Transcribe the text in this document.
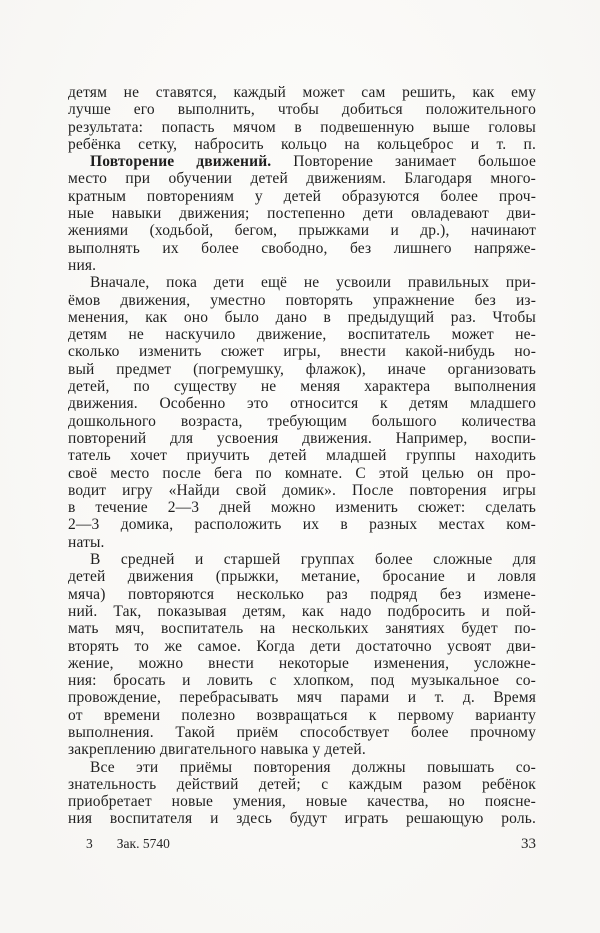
детям не ставятся, каждый может сам решить, как ему
лучше его выполнить, чтобы добиться положительного
результата: попасть мячом в подвешенную выше головы
ребёнка сетку, набросить кольцо на кольцеброс и т. п.
Повторение движений. Повторение занимает большое
место при обучении детей движениям. Благодаря много-
кратным повторениям у детей образуются более проч-
ные навыки движения; постепенно дети овладевают дви-
жениями (ходьбой, бегом, прыжками и др.), начинают
выполнять их более свободно, без лишнего напряже-
ния.
Вначале, пока дети ещё не усвоили правильных при-
ёмов движения, уместно повторять упражнение без из-
менения, как оно было дано в предыдущий раз. Чтобы
детям не наскучило движение, воспитатель может не-
сколько изменить сюжет игры, внести какой-нибудь но-
вый предмет (погремушку, флажок), иначе организовать
детей, по существу не меняя характера выполнения
движения. Особенно это относится к детям младшего
дошкольного возраста, требующим большого количества
повторений для усвоения движения. Например, воспи-
татель хочет приучить детей младшей группы находить
своё место после бега по комнате. С этой целью он про-
водит игру «Найди свой домик». После повторения игры
в течение 2—3 дней можно изменить сюжет: сделать
2—3 домика, расположить их в разных местах ком-
наты.
В средней и старшей группах более сложные для
детей движения (прыжки, метание, бросание и ловля
мяча) повторяются несколько раз подряд без измене-
ний. Так, показывая детям, как надо подбросить и пой-
мать мяч, воспитатель на нескольких занятиях будет по-
вторять то же самое. Когда дети достаточно усвоят дви-
жение, можно внести некоторые изменения, усложне-
ния: бросать и ловить с хлопком, под музыкальное со-
провождение, перебрасывать мяч парами и т. д. Время
от времени полезно возвращаться к первому варианту
выполнения. Такой приём способствует более прочному
закреплению двигательного навыка у детей.
Все эти приёмы повторения должны повышать со-
знательность действий детей; с каждым разом ребёнок
приобретает новые умения, новые качества, но поясне-
ния воспитателя и здесь будут играть решающую роль.
3 Зак. 5740	33
